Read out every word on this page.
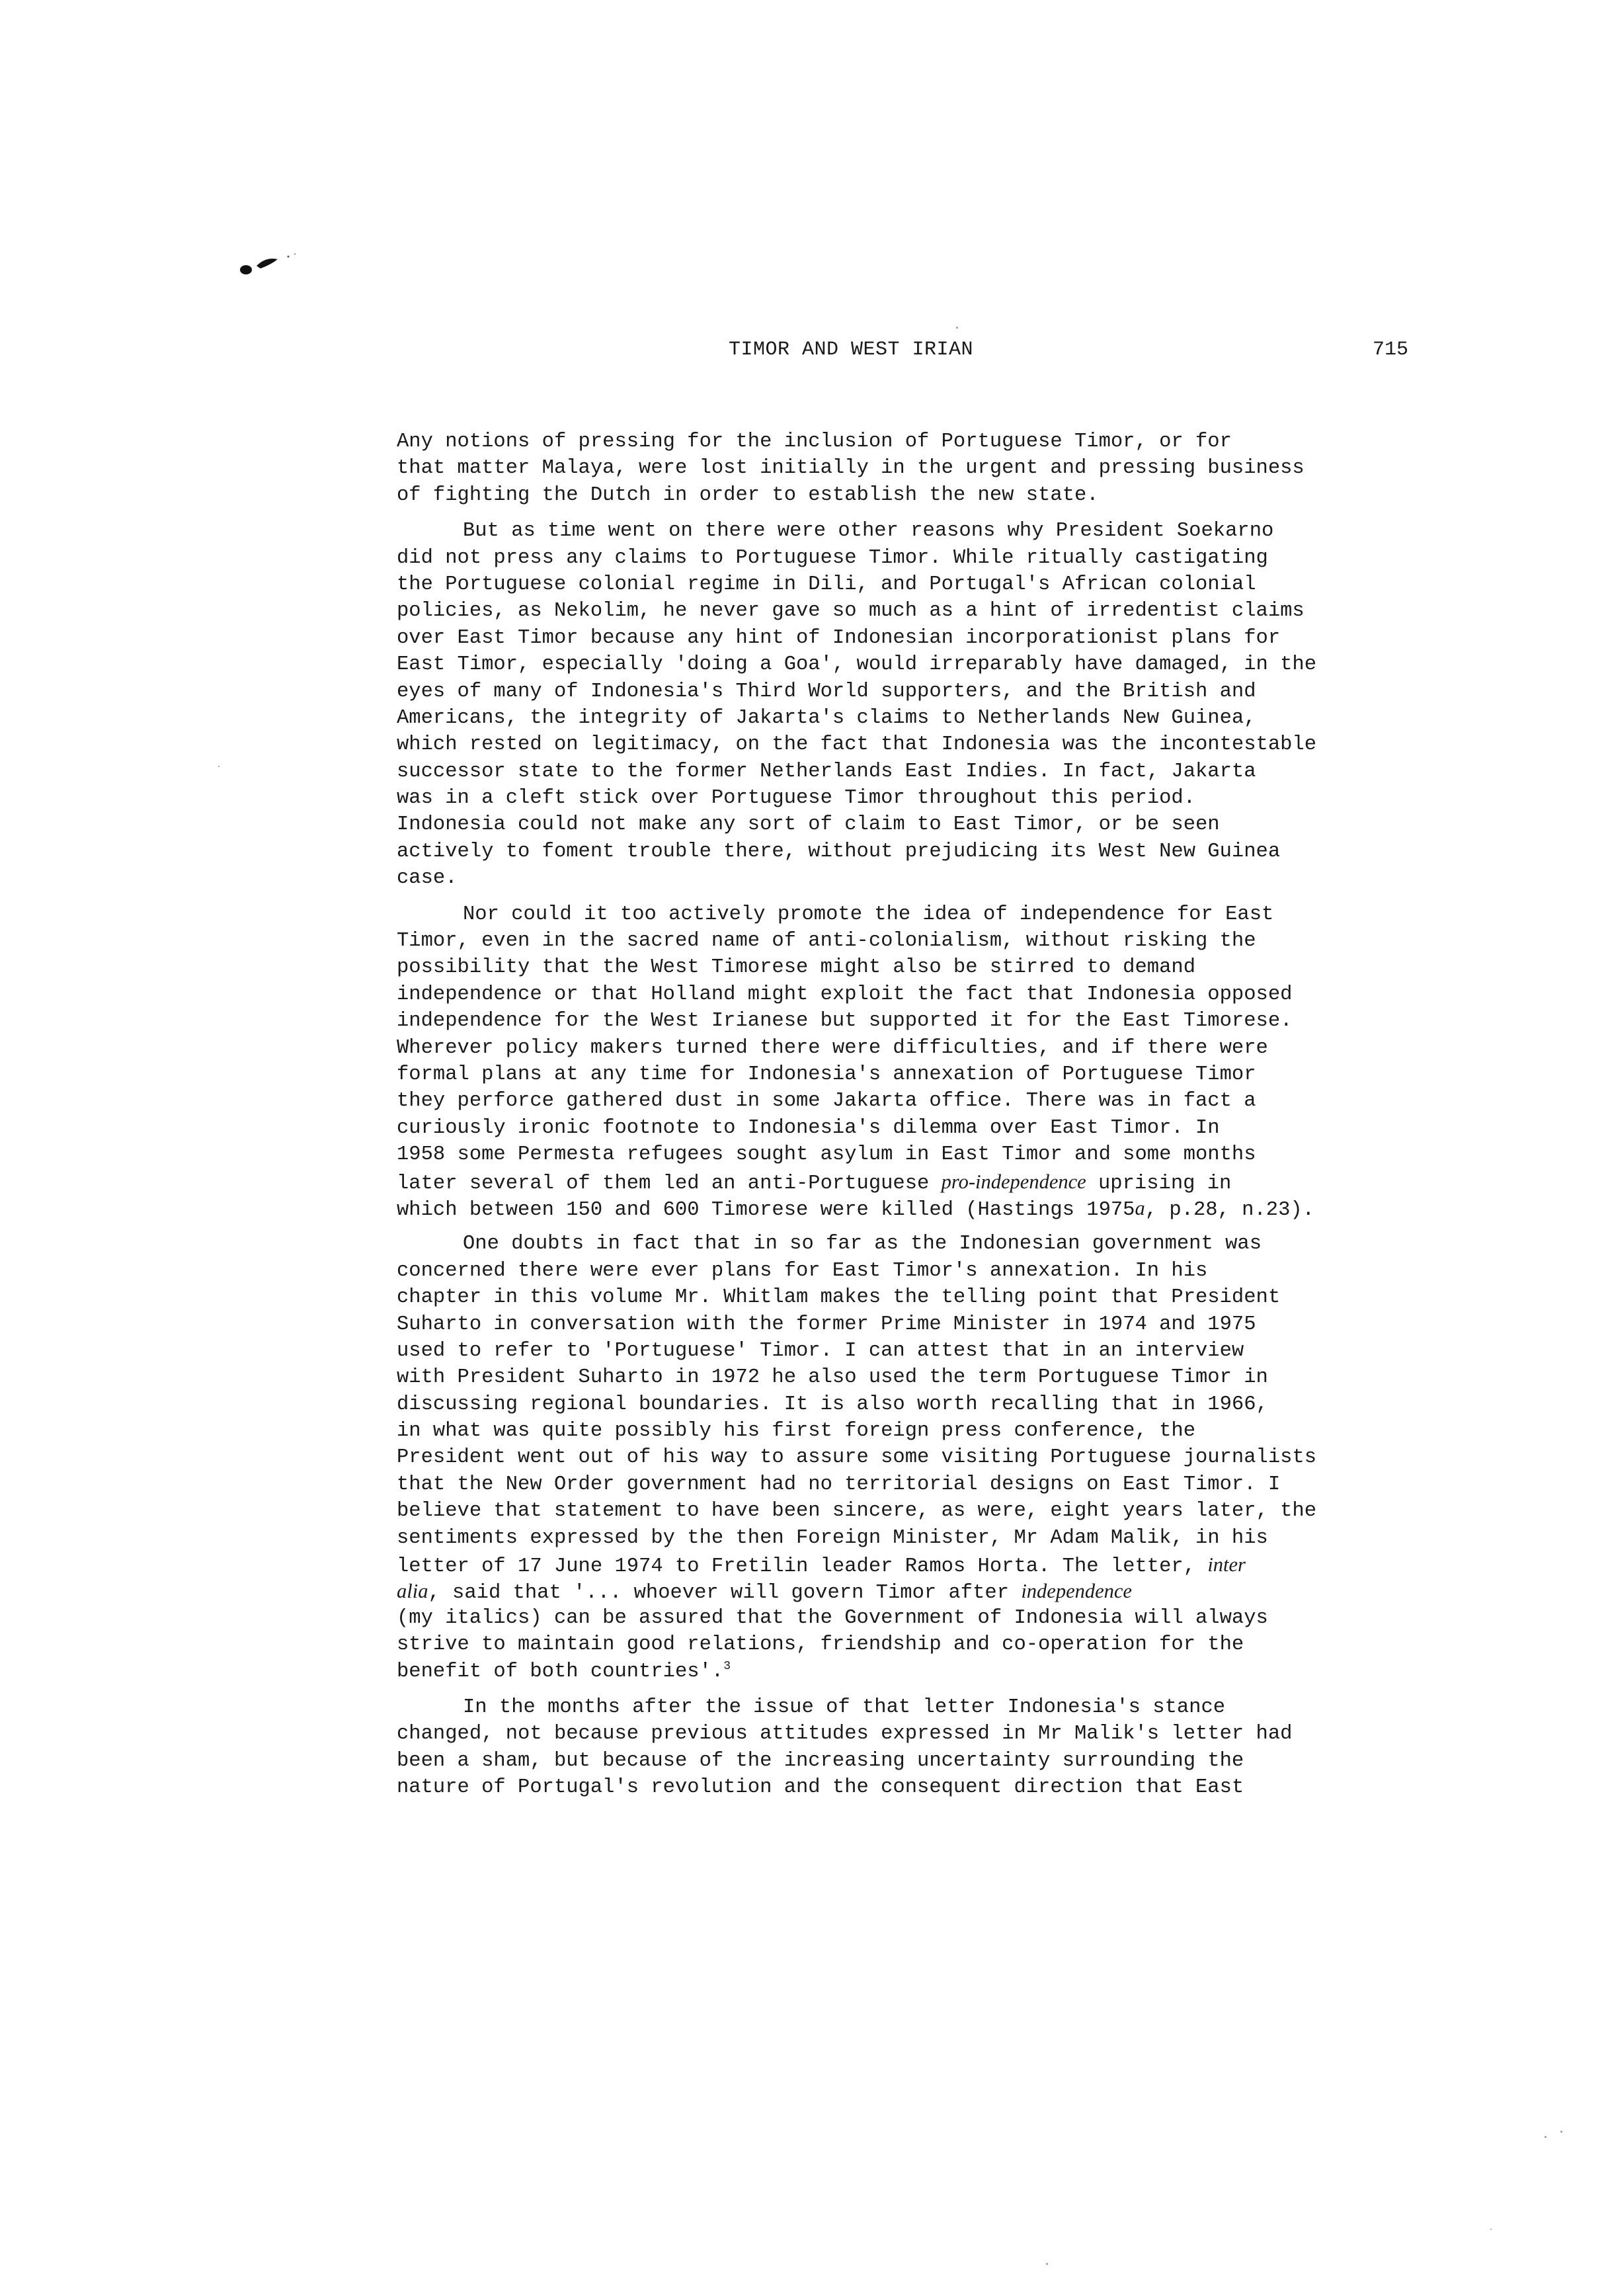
TIMOR AND WEST IRIAN	715
Any notions of pressing for the inclusion of Portuguese Timor, or for
that matter Malaya, were lost initially in the urgent and pressing business
of fighting the Dutch in order to establish the new state.
But as time went on there were other reasons why President Soekarno
did not press any claims to Portuguese Timor. While ritually castigating
the Portuguese colonial regime in Dili, and Portugal's African colonial
policies, as Nekolim, he never gave so much as a hint of irredentist claims
over East Timor because any hint of Indonesian incorporationist plans for
East Timor, especially 'doing a Goa', would irreparably have damaged, in the
eyes of many of Indonesia's Third World supporters, and the British and
Americans, the integrity of Jakarta's claims to Netherlands New Guinea,
which rested on legitimacy, on the fact that Indonesia was the incontestable
successor state to the former Netherlands East Indies. In fact, Jakarta
was in a cleft stick over Portuguese Timor throughout this period.
Indonesia could not make any sort of claim to East Timor, or be seen
actively to foment trouble there, without prejudicing its West New Guinea
case.
Nor could it too actively promote the idea of independence for East
Timor, even in the sacred name of anti-colonialism, without risking the
possibility that the West Timorese might also be stirred to demand
independence or that Holland might exploit the fact that Indonesia opposed
independence for the West Irianese but supported it for the East Timorese.
Wherever policy makers turned there were difficulties, and if there were
formal plans at any time for Indonesia's annexation of Portuguese Timor
they perforce gathered dust in some Jakarta office. There was in fact a
curiously ironic footnote to Indonesia's dilemma over East Timor. In
1958 some Permesta refugees sought asylum in East Timor and some months
later several of them led an anti-Portuguese pro-independence uprising in
which between 150 and 600 Timorese were killed (Hastings 1975a, p.28, n.23).
One doubts in fact that in so far as the Indonesian government was
concerned there were ever plans for East Timor's annexation. In his
chapter in this volume Mr. Whitlam makes the telling point that President
Suharto in conversation with the former Prime Minister in 1974 and 1975
used to refer to 'Portuguese' Timor. I can attest that in an interview
with President Suharto in 1972 he also used the term Portuguese Timor in
discussing regional boundaries. It is also worth recalling that in 1966,
in what was quite possibly his first foreign press conference, the
President went out of his way to assure some visiting Portuguese journalists
that the New Order government had no territorial designs on East Timor. I
believe that statement to have been sincere, as were, eight years later, the
sentiments expressed by the then Foreign Minister, Mr Adam Malik, in his
letter of 17 June 1974 to Fretilin leader Ramos Horta. The letter, inter
alia, said that '... whoever will govern Timor after independence
(my italics) can be assured that the Government of Indonesia will always
strive to maintain good relations, friendship and co-operation for the
benefit of both countries'.$^3$
In the months after the issue of that letter Indonesia's stance
changed, not because previous attitudes expressed in Mr Malik's letter had
been a sham, but because of the increasing uncertainty surrounding the
nature of Portugal's revolution and the consequent direction that East
